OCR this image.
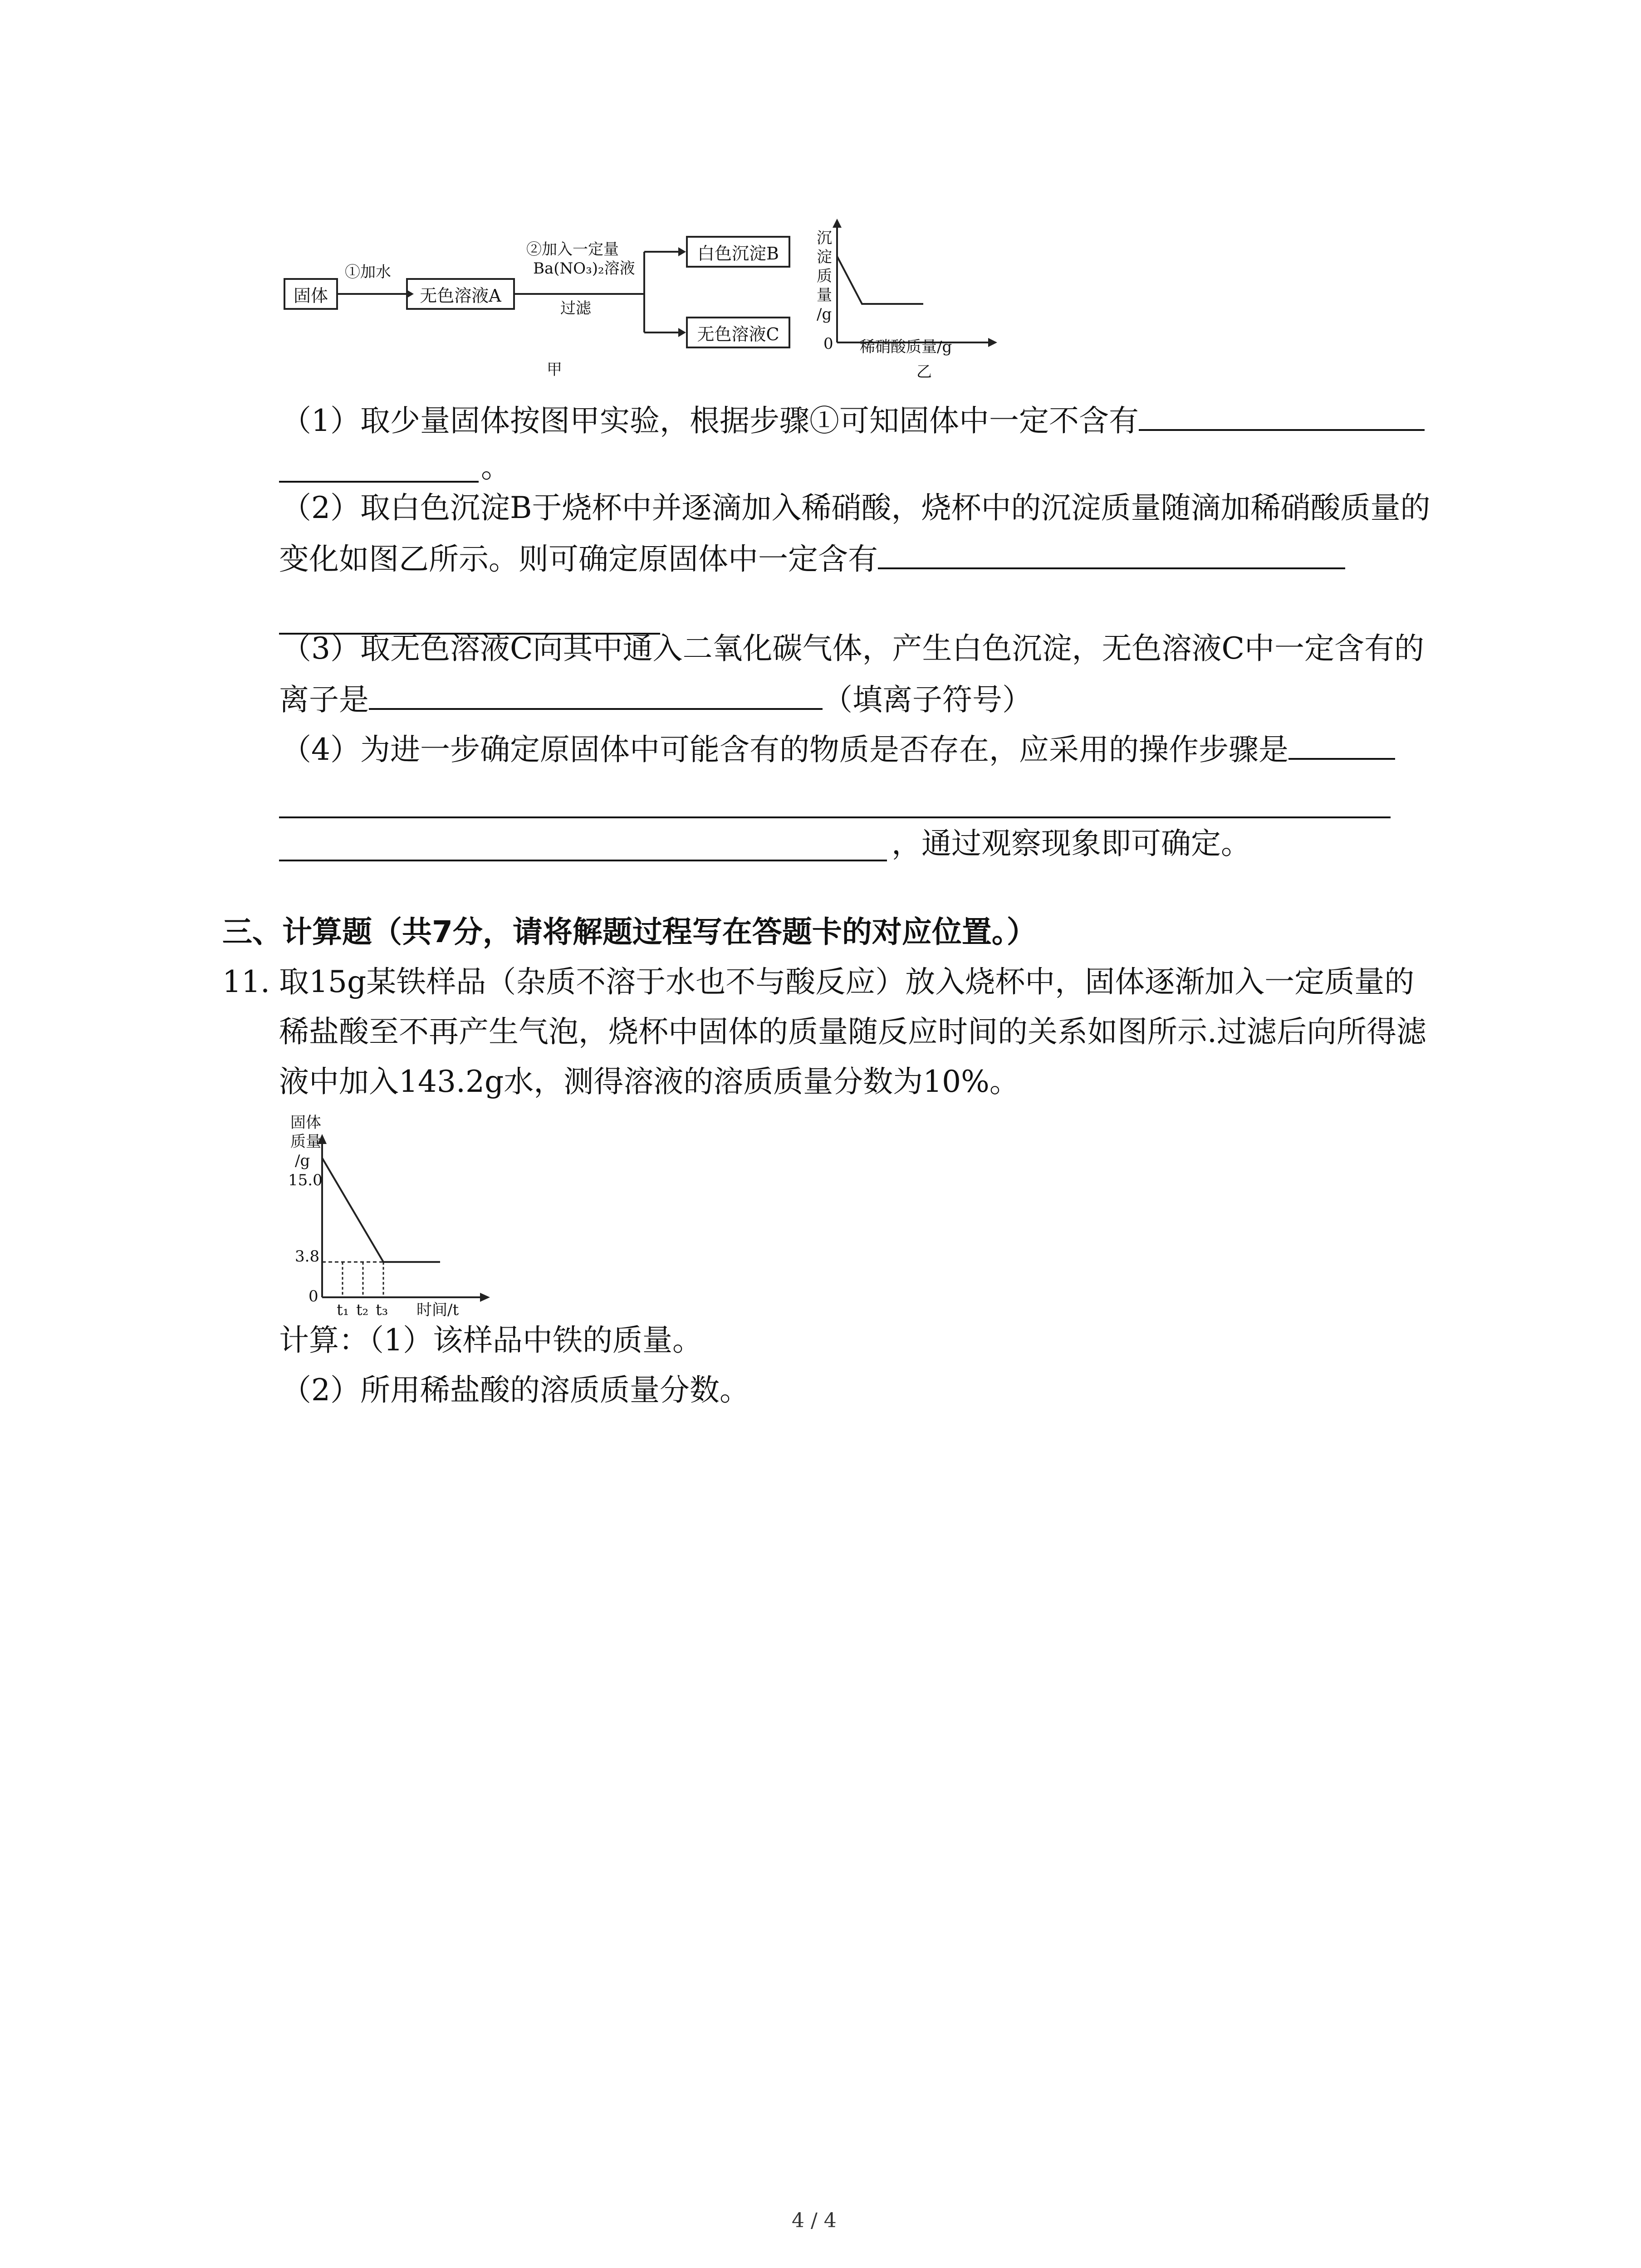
固体
①加水
无色溶液A
②加入一定量
Ba(NO₃)₂溶液
过滤
白色沉淀B
无色溶液C
甲
沉
淀
质
量
/g
0 稀硝酸质量/g
乙
（1）取少量固体按图甲实验，根据步骤①可知固体中一定不含有
。
（2）取白色沉淀B于烧杯中并逐滴加入稀硝酸，烧杯中的沉淀质量随滴加稀硝酸质量的
变化如图乙所示。则可确定原固体中一定含有
（3）取无色溶液C向其中通入二氧化碳气体，产生白色沉淀，无色溶液C中一定含有的
离子是	（填离子符号）
（4）为进一步确定原固体中可能含有的物质是否存在，应采用的操作步骤是
，通过观察现象即可确定。
三、计算题（共7分，请将解题过程写在答题卡的对应位置。）
11. 取15g某铁样品（杂质不溶于水也不与酸反应）放入烧杯中，固体逐渐加入一定质量的
稀盐酸至不再产生气泡，烧杯中固体的质量随反应时间的关系如图所示.过滤后向所得滤
液中加入143.2g水，测得溶液的溶质质量分数为10%。
固体
质量
/g
15.0
3.8
0
t₁ t₂ t₃ 时间/t
计算：（1）该样品中铁的质量。
（2）所用稀盐酸的溶质质量分数。
4 / 4
